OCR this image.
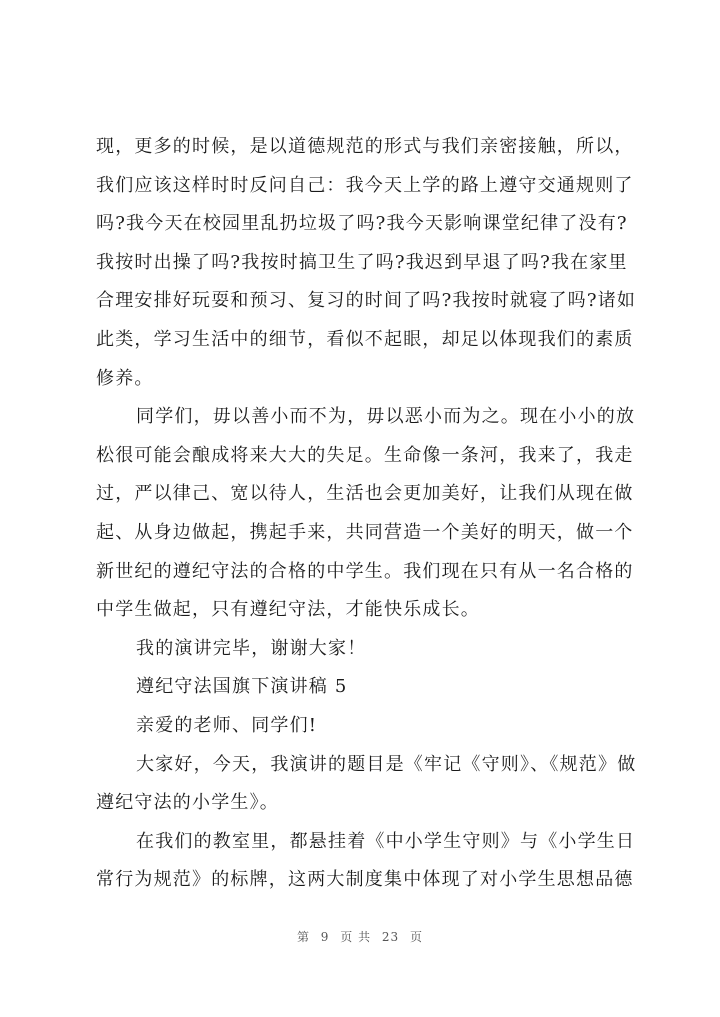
现，更多的时候，是以道德规范的形式与我们亲密接触，所以，
我们应该这样时时反问自己：我今天上学的路上遵守交通规则了
吗?我今天在校园里乱扔垃圾了吗?我今天影响课堂纪律了没有?
我按时出操了吗?我按时搞卫生了吗?我迟到早退了吗?我在家里
合理安排好玩耍和预习、复习的时间了吗?我按时就寝了吗?诸如
此类，学习生活中的细节，看似不起眼，却足以体现我们的素质
修养。
同学们，毋以善小而不为，毋以恶小而为之。现在小小的放
松很可能会酿成将来大大的失足。生命像一条河，我来了，我走
过，严以律己、宽以待人，生活也会更加美好，让我们从现在做
起、从身边做起，携起手来，共同营造一个美好的明天，做一个
新世纪的遵纪守法的合格的中学生。我们现在只有从一名合格的
中学生做起，只有遵纪守法，才能快乐成长。
我的演讲完毕，谢谢大家！
遵纪守法国旗下演讲稿 5
亲爱的老师、同学们!
大家好，今天，我演讲的题目是《牢记《守则》、《规范》做
遵纪守法的小学生》。
在我们的教室里，都悬挂着《中小学生守则》与《小学生日
常行为规范》的标牌，这两大制度集中体现了对小学生思想品德
第 9 页 共 23 页
